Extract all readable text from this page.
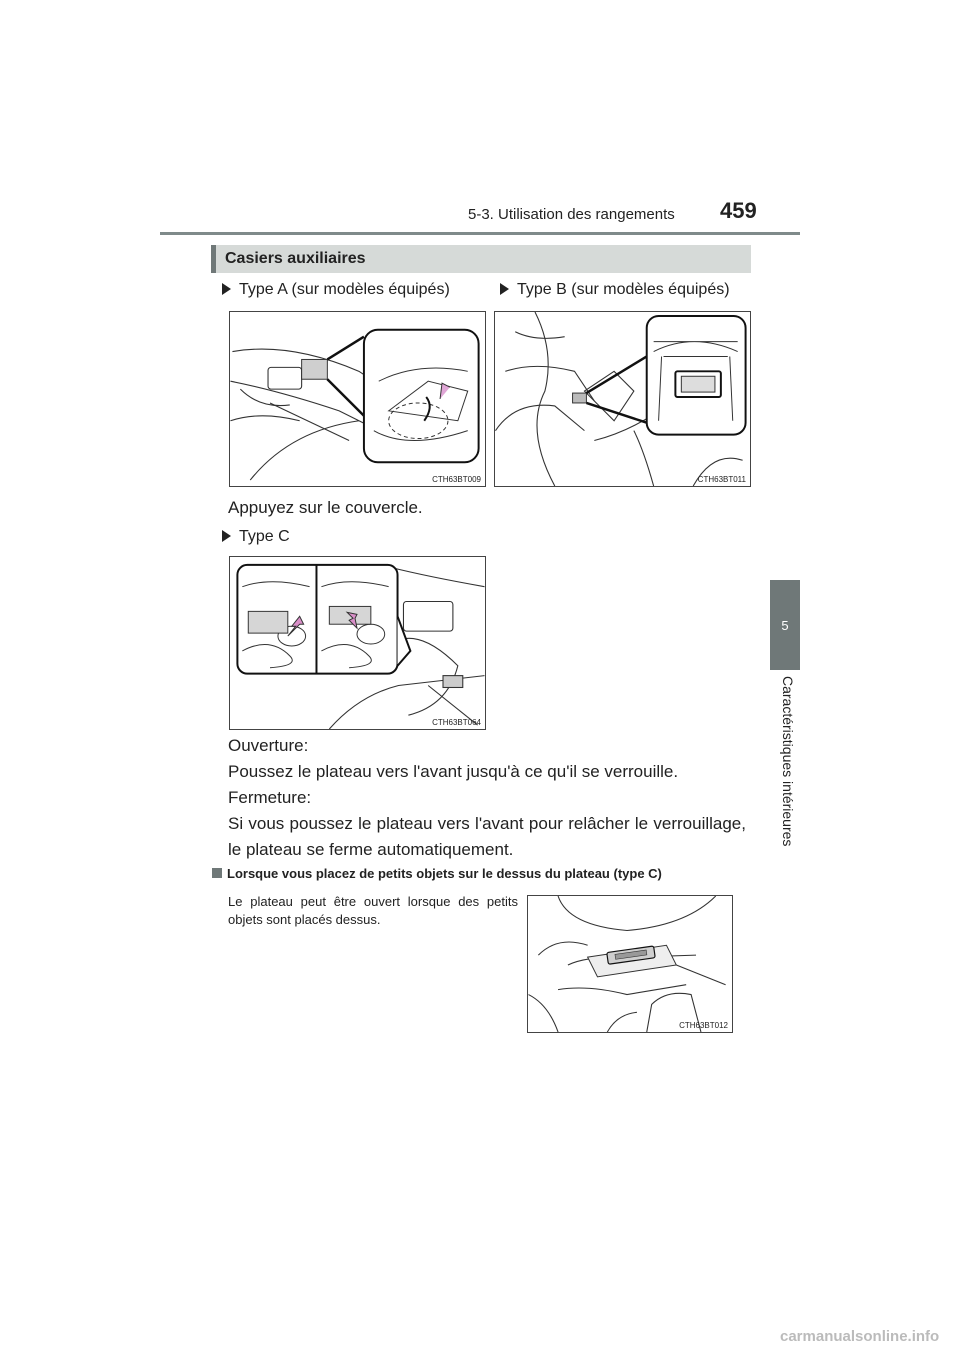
5-3. Utilisation des rangements 459
5
Caractéristiques intérieures
Casiers auxiliaires
Type A (sur modèles équipés)	Type B (sur modèles équipés)
CTH63BT009	CTH63BT011
Appuyez sur le couvercle.
Type C
CTH63BT064
Ouverture:
Poussez le plateau vers l'avant jusqu'à ce qu'il se verrouille.
Fermeture:
Si vous poussez le plateau vers l'avant pour relâcher le verrouillage, le plateau se ferme automatiquement.
Lorsque vous placez de petits objets sur le dessus du plateau (type C)
Le plateau peut être ouvert lorsque des petits objets sont placés dessus.
CTH63BT012
carmanualsonline.info
